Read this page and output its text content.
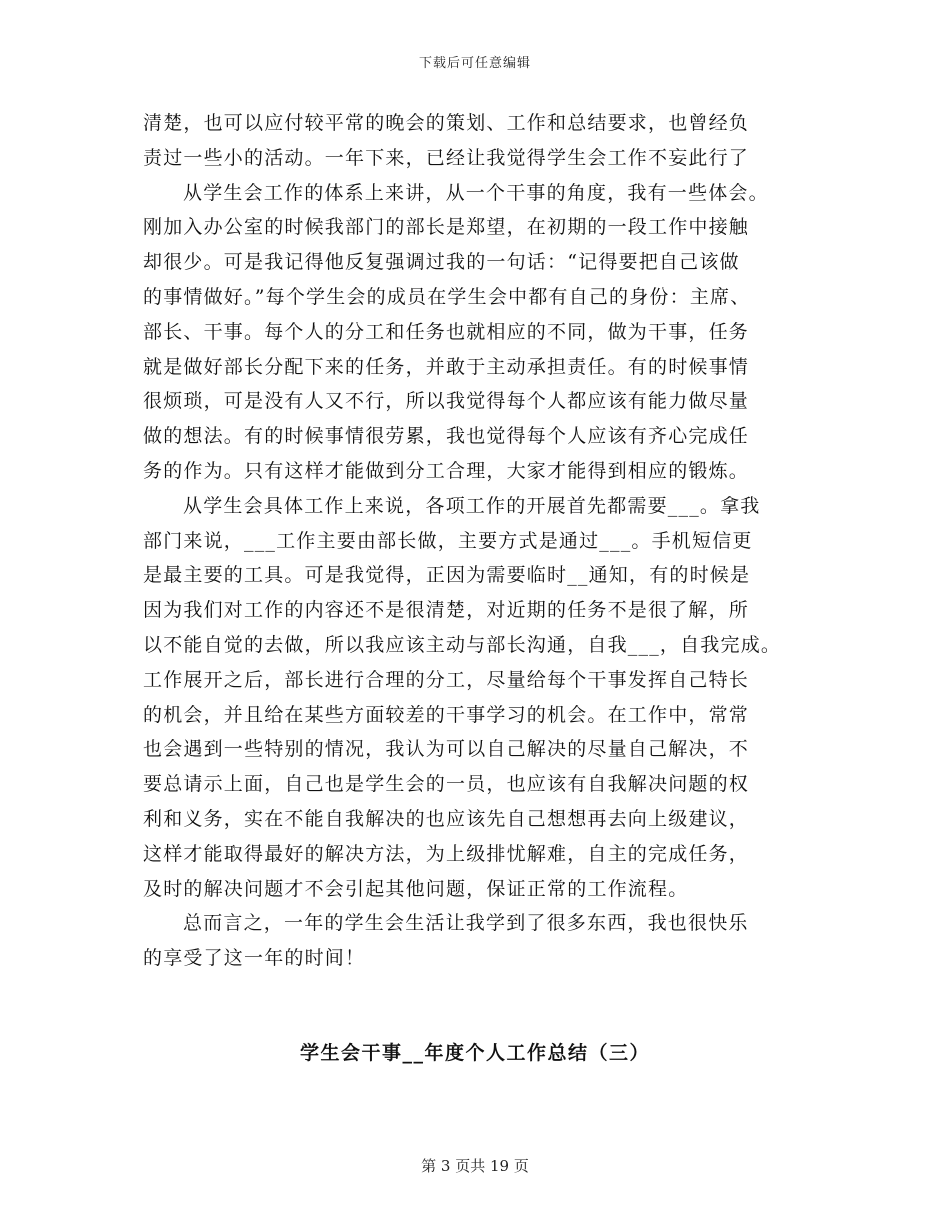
下载后可任意编辑
清楚，也可以应付较平常的晚会的策划、工作和总结要求，也曾经负
责过一些小的活动。一年下来，已经让我觉得学生会工作不妄此行了
从学生会工作的体系上来讲，从一个干事的角度，我有一些体会。
刚加入办公室的时候我部门的部长是郑望，在初期的一段工作中接触
却很少。可是我记得他反复强调过我的一句话：“记得要把自己该做
的事情做好。”每个学生会的成员在学生会中都有自己的身份：主席、
部长、干事。每个人的分工和任务也就相应的不同，做为干事，任务
就是做好部长分配下来的任务，并敢于主动承担责任。有的时候事情
很烦琐，可是没有人又不行，所以我觉得每个人都应该有能力做尽量
做的想法。有的时候事情很劳累，我也觉得每个人应该有齐心完成任
务的作为。只有这样才能做到分工合理，大家才能得到相应的锻炼。
从学生会具体工作上来说，各项工作的开展首先都需要___。拿我
部门来说，___工作主要由部长做，主要方式是通过___。手机短信更
是最主要的工具。可是我觉得，正因为需要临时__通知，有的时候是
因为我们对工作的内容还不是很清楚，对近期的任务不是很了解，所
以不能自觉的去做，所以我应该主动与部长沟通，自我___，自我完成。
工作展开之后，部长进行合理的分工，尽量给每个干事发挥自己特长
的机会，并且给在某些方面较差的干事学习的机会。在工作中，常常
也会遇到一些特别的情况，我认为可以自己解决的尽量自己解决，不
要总请示上面，自己也是学生会的一员，也应该有自我解决问题的权
利和义务，实在不能自我解决的也应该先自己想想再去向上级建议，
这样才能取得最好的解决方法，为上级排忧解难，自主的完成任务，
及时的解决问题才不会引起其他问题，保证正常的工作流程。
总而言之，一年的学生会生活让我学到了很多东西，我也很快乐
的享受了这一年的时间！
学生会干事__年度个人工作总结（三）
第 3 页共 19 页
